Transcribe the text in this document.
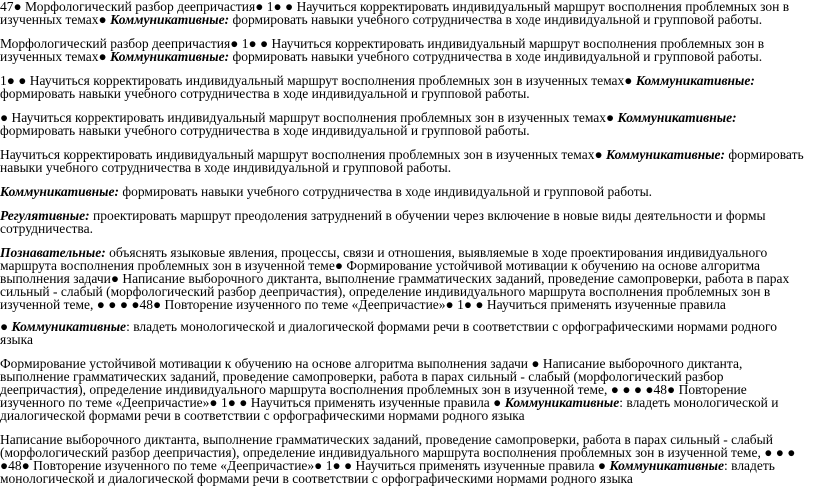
47● Морфологический разбор деепричастия● 1● ● Научиться корректировать индивидуальный маршрут восполнения проблемных зон в изученных темах● Коммуникативные: формировать навыки учебного сотрудничества в ходе индивидуальной и групповой работы.

Морфологический разбор деепричастия● 1● ● Научиться корректировать индивидуальный маршрут восполнения проблемных зон в изученных темах● Коммуникативные: формировать навыки учебного сотрудничества в ходе индивидуальной и групповой работы.

1● ● Научиться корректировать индивидуальный маршрут восполнения проблемных зон в изученных темах● Коммуникативные: формировать навыки учебного сотрудничества в ходе индивидуальной и групповой работы.

● Научиться корректировать индивидуальный маршрут восполнения проблемных зон в изученных темах● Коммуникативные: формировать навыки учебного сотрудничества в ходе индивидуальной и групповой работы.

Научиться корректировать индивидуальный маршрут восполнения проблемных зон в изученных темах● Коммуникативные: формировать навыки учебного сотрудничества в ходе индивидуальной и групповой работы.

Коммуникативные: формировать навыки учебного сотрудничества в ходе индивидуальной и групповой работы.

Регулятивные: проектировать маршрут преодоления затруднений в обучении через включение в новые виды деятельности и формы сотрудничества.

Познавательные: объяснять языковые явления, процессы, связи и отношения, выявляемые в ходе проектирования индивидуального маршрута восполнения проблемных зон в изученной теме● Формирование устойчивой мотивации к обучению на основе алгоритма выполнения задачи● Написание выборочного диктанта, выполнение грамматических заданий, проведение самопроверки, работа в парах сильный - слабый (морфологический разбор деепричастия), определение индивидуального маршрута восполнения проблемных зон в изученной теме, ● ● ● ●48● Повторение изученного по теме «Деепричастие»● 1● ● Научиться применять изученные правила

● Коммуникативные: владеть монологической и диалогической формами речи в соответствии с орфографическими нормами родного языка

Формирование устойчивой мотивации к обучению на основе алгоритма выполнения задачи ● Написание выборочного диктанта, выполнение грамматических заданий, проведение самопроверки, работа в парах сильный - слабый (морфологический разбор деепричастия), определение индивидуального маршрута восполнения проблемных зон в изученной теме, ● ● ● ●48● Повторение изученного по теме «Деепричастие»● 1● ● Научиться применять изученные правила ● Коммуникативные: владеть монологической и диалогической формами речи в соответствии с орфографическими нормами родного языка

Написание выборочного диктанта, выполнение грамматических заданий, проведение самопроверки, работа в парах сильный - слабый (морфологический разбор деепричастия), определение индивидуального маршрута восполнения проблемных зон в изученной теме, ● ● ● ●48● Повторение изученного по теме «Деепричастие»● 1● ● Научиться применять изученные правила ● Коммуникативные: владеть монологической и диалогической формами речи в соответствии с орфографическими нормами родного языка
